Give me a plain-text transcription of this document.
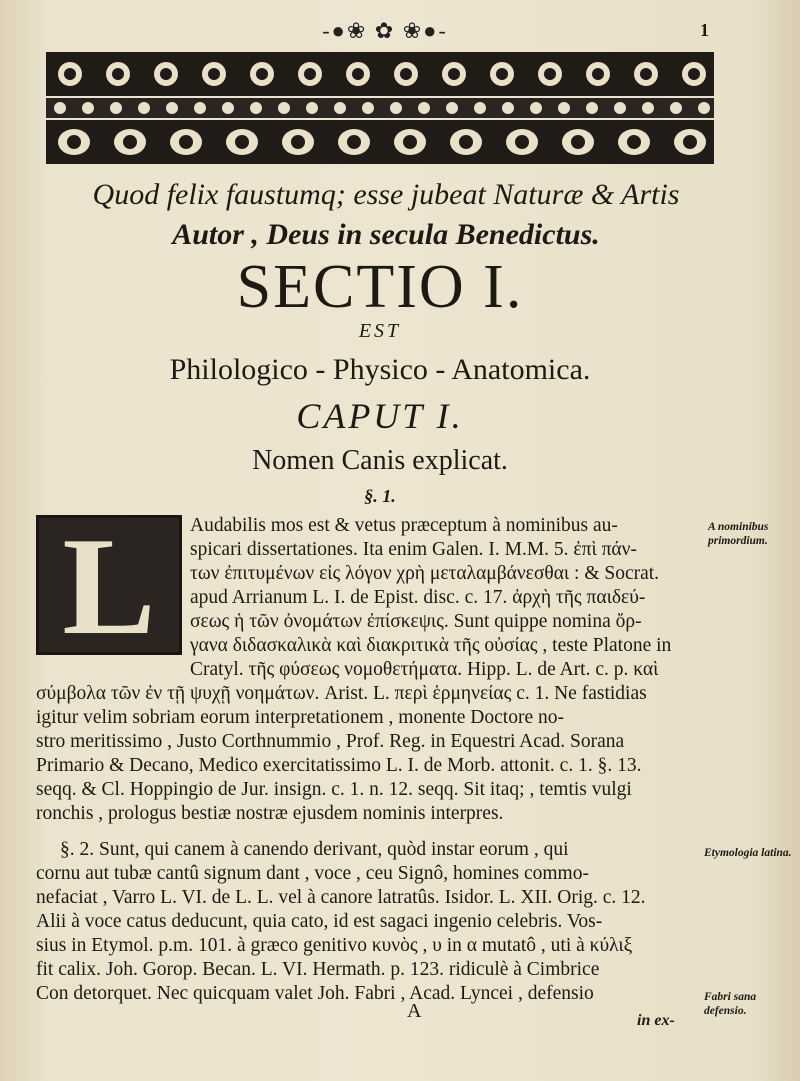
-●❀ ✿ ❀●-	1
Quod felix faustumq; esse jubeat Naturæ & Artis
Autor , Deus in secula Benedictus.
SECTIO I.
EST
Philologico - Physico - Anatomica.
CAPUT I.
Nomen Canis explicat.
§. 1.
L	Audabilis mos est & vetus præceptum à nominibus au-
spicari dissertationes. Ita enim Galen. I. M.M. 5. ἐπὶ πάν-
των ἐπιτυμένων εἰς λόγον χρὴ μεταλαμβάνεσθαι : & Socrat.
apud Arrianum L. I. de Epist. disc. c. 17. ἀρχὴ τῆς παιδεύ-
σεως ἡ τῶν ὀνομάτων ἐπίσκεψις. Sunt quippe nomina ὄρ-
γανα διδασκαλικὰ καὶ διακριτικὰ τῆς οὐσίας , teste Platone in
Cratyl. τῆς φύσεως νομοθετήματα. Hipp. L. de Art. c. p. καὶ
σύμβολα τῶν ἐν τῇ ψυχῇ νοημάτων. Arist. L. περὶ ἑρμηνείας c. 1. Ne fastidias
igitur velim sobriam eorum interpretationem , monente Doctore no-
stro meritissimo , Justo Corthnummio , Prof. Reg. in Equestri Acad. Sorana
Primario & Decano, Medico exercitatissimo L. I. de Morb. attonit. c. 1. §. 13.
seqq. & Cl. Hoppingio de Jur. insign. c. 1. n. 12. seqq. Sit itaq; , temtis vulgi
ronchis , prologus bestiæ nostræ ejusdem nominis interpres.
§. 2. Sunt, qui canem à canendo derivant, quòd instar eorum , qui
cornu aut tubæ cantû signum dant , voce , ceu Signô, homines commo-
nefaciat , Varro L. VI. de L. L. vel à canore latratûs. Isidor. L. XII. Orig. c. 12.
Alii à voce catus deducunt, quia cato, id est sagaci ingenio celebris. Vos-
sius in Etymol. p.m. 101. à græco genitivo κυνὸς , υ in α mutatô , uti à κύλιξ
fit calix. Joh. Gorop. Becan. L. VI. Hermath. p. 123. ridiculè à Cimbrice
Con detorquet. Nec quicquam valet Joh. Fabri , Acad. Lyncei , defensio
A nominibus primordium.
Etymologia latina.
Fabri sana defensio.
A	in ex-
